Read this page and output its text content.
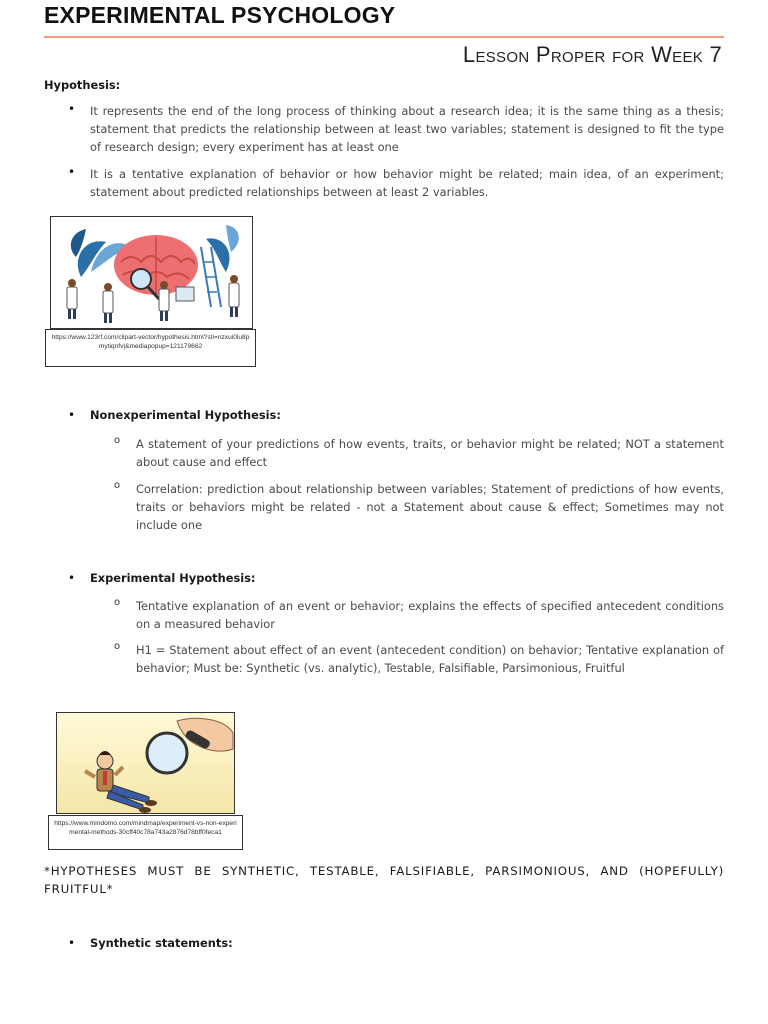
EXPERIMENTAL PSYCHOLOGY
Lesson Proper for Week 7
Hypothesis:
• It represents the end of the long process of thinking about a research idea; it is the same thing as a thesis; statement that predicts the relationship between at least two variables; statement is designed to fit the type of research design; every experiment has at least one
• It is a tentative explanation of behavior or how behavior might be related; main idea, of an experiment; statement about predicted relationships between at least 2 variables.
https://www.123rf.com/clipart-vector/hypothesis.html?sti=nzxui0lu8pmytiqnfv|&mediapopup=121179662
• Nonexperimental Hypothesis:
o A statement of your predictions of how events, traits, or behavior might be related; NOT a statement about cause and effect
o Correlation: prediction about relationship between variables; Statement of predictions of how events, traits or behaviors might be related - not a Statement about cause & effect; Sometimes may not include one
• Experimental Hypothesis:
o Tentative explanation of an event or behavior; explains the effects of specified antecedent conditions on a measured behavior
o H1 = Statement about effect of an event (antecedent condition) on behavior; Tentative explanation of behavior; Must be: Synthetic (vs. analytic), Testable, Falsifiable, Parsimonious, Fruitful
https://www.mindomo.com/mindmap/experiment-vs-non-experimental-methods-30cff40c78a743a2876d78bff0feca1
*HYPOTHESES MUST BE SYNTHETIC, TESTABLE, FALSIFIABLE, PARSIMONIOUS, AND (HOPEFULLY) FRUITFUL*
• Synthetic statements:
